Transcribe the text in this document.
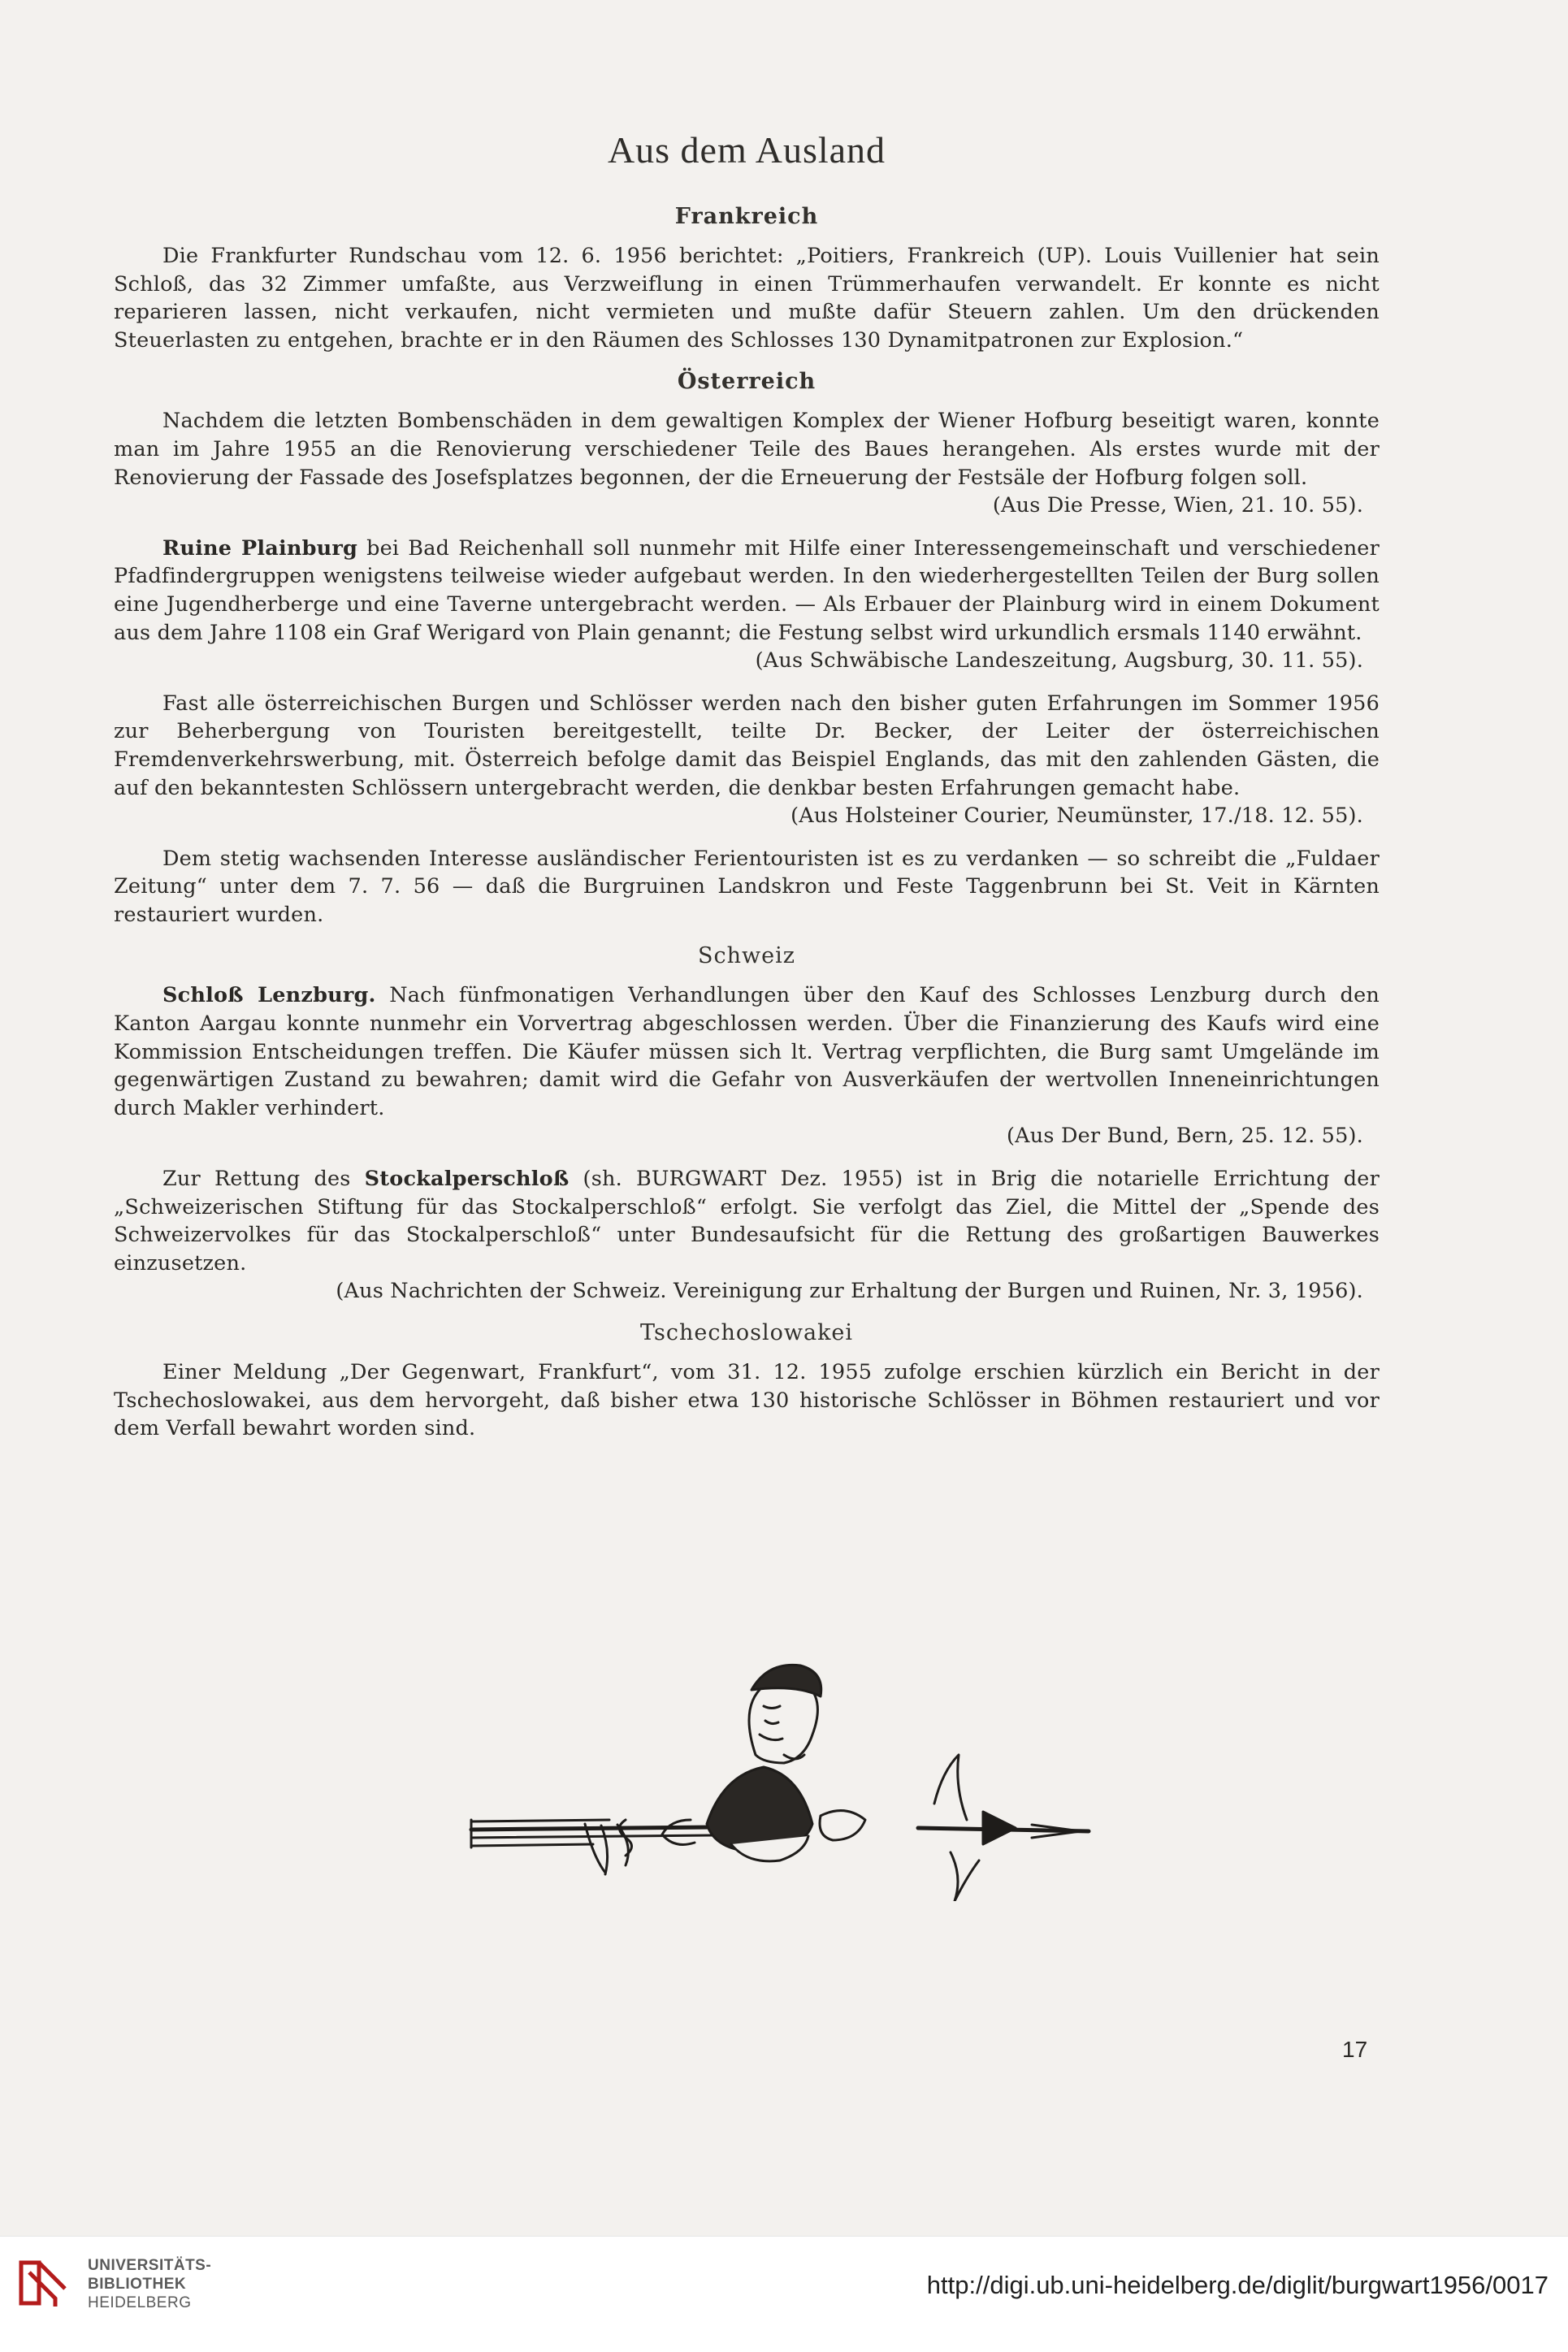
Aus dem Ausland
Frankreich

Die Frankfurter Rundschau vom 12. 6. 1956 berichtet: „Poitiers, Frankreich (UP). Louis Vuillenier hat sein Schloß, das 32 Zimmer umfaßte, aus Verzweiflung in einen Trümmerhaufen verwandelt. Er konnte es nicht reparieren lassen, nicht verkaufen, nicht vermieten und mußte dafür Steuern zahlen. Um den drückenden Steuerlasten zu entgehen, brachte er in den Räumen des Schlosses 130 Dynamitpatronen zur Explosion.“

Österreich

Nachdem die letzten Bombenschäden in dem gewaltigen Komplex der Wiener Hofburg beseitigt waren, konnte man im Jahre 1955 an die Renovierung verschiedener Teile des Baues herangehen. Als erstes wurde mit der Renovierung der Fassade des Josefsplatzes begonnen, der die Erneuerung der Festsäle der Hofburg folgen soll.
(Aus Die Presse, Wien, 21. 10. 55).

Ruine Plainburg bei Bad Reichenhall soll nunmehr mit Hilfe einer Interessengemeinschaft und verschiedener Pfadfindergruppen wenigstens teilweise wieder aufgebaut werden. In den wiederhergestellten Teilen der Burg sollen eine Jugendherberge und eine Taverne untergebracht werden. — Als Erbauer der Plainburg wird in einem Dokument aus dem Jahre 1108 ein Graf Werigard von Plain genannt; die Festung selbst wird urkundlich ersmals 1140 erwähnt.
(Aus Schwäbische Landeszeitung, Augsburg, 30. 11. 55).

Fast alle österreichischen Burgen und Schlösser werden nach den bisher guten Erfahrungen im Sommer 1956 zur Beherbergung von Touristen bereitgestellt, teilte Dr. Becker, der Leiter der österreichischen Fremdenverkehrswerbung, mit. Österreich befolge damit das Beispiel Englands, das mit den zahlenden Gästen, die auf den bekanntesten Schlössern untergebracht werden, die denkbar besten Erfahrungen gemacht habe.
(Aus Holsteiner Courier, Neumünster, 17./18. 12. 55).

Dem stetig wachsenden Interesse ausländischer Ferientouristen ist es zu verdanken — so schreibt die „Fuldaer Zeitung“ unter dem 7. 7. 56 — daß die Burgruinen Landskron und Feste Taggenbrunn bei St. Veit in Kärnten restauriert wurden.

Schweiz

Schloß Lenzburg. Nach fünfmonatigen Verhandlungen über den Kauf des Schlosses Lenzburg durch den Kanton Aargau konnte nunmehr ein Vorvertrag abgeschlossen werden. Über die Finanzierung des Kaufs wird eine Kommission Entscheidungen treffen. Die Käufer müssen sich lt. Vertrag verpflichten, die Burg samt Umgelände im gegenwärtigen Zustand zu bewahren; damit wird die Gefahr von Ausverkäufen der wertvollen Inneneinrichtungen durch Makler verhindert.
(Aus Der Bund, Bern, 25. 12. 55).

Zur Rettung des Stockalperschloß (sh. BURGWART Dez. 1955) ist in Brig die notarielle Errichtung der „Schweizerischen Stiftung für das Stockalperschloß“ erfolgt. Sie verfolgt das Ziel, die Mittel der „Spende des Schweizervolkes für das Stockalperschloß“ unter Bundesaufsicht für die Rettung des großartigen Bauwerkes einzusetzen.
(Aus Nachrichten der Schweiz. Vereinigung zur Erhaltung der Burgen und Ruinen, Nr. 3, 1956).

Tschechoslowakei

Einer Meldung „Der Gegenwart, Frankfurt“, vom 31. 12. 1955 zufolge erschien kürzlich ein Bericht in der Tschechoslowakei, aus dem hervorgeht, daß bisher etwa 130 historische Schlösser in Böhmen restauriert und vor dem Verfall bewahrt worden sind.

17
UNIVERSITÄTS-
BIBLIOTHEK
HEIDELBERG
http://digi.ub.uni-heidelberg.de/diglit/burgwart1956/0017
